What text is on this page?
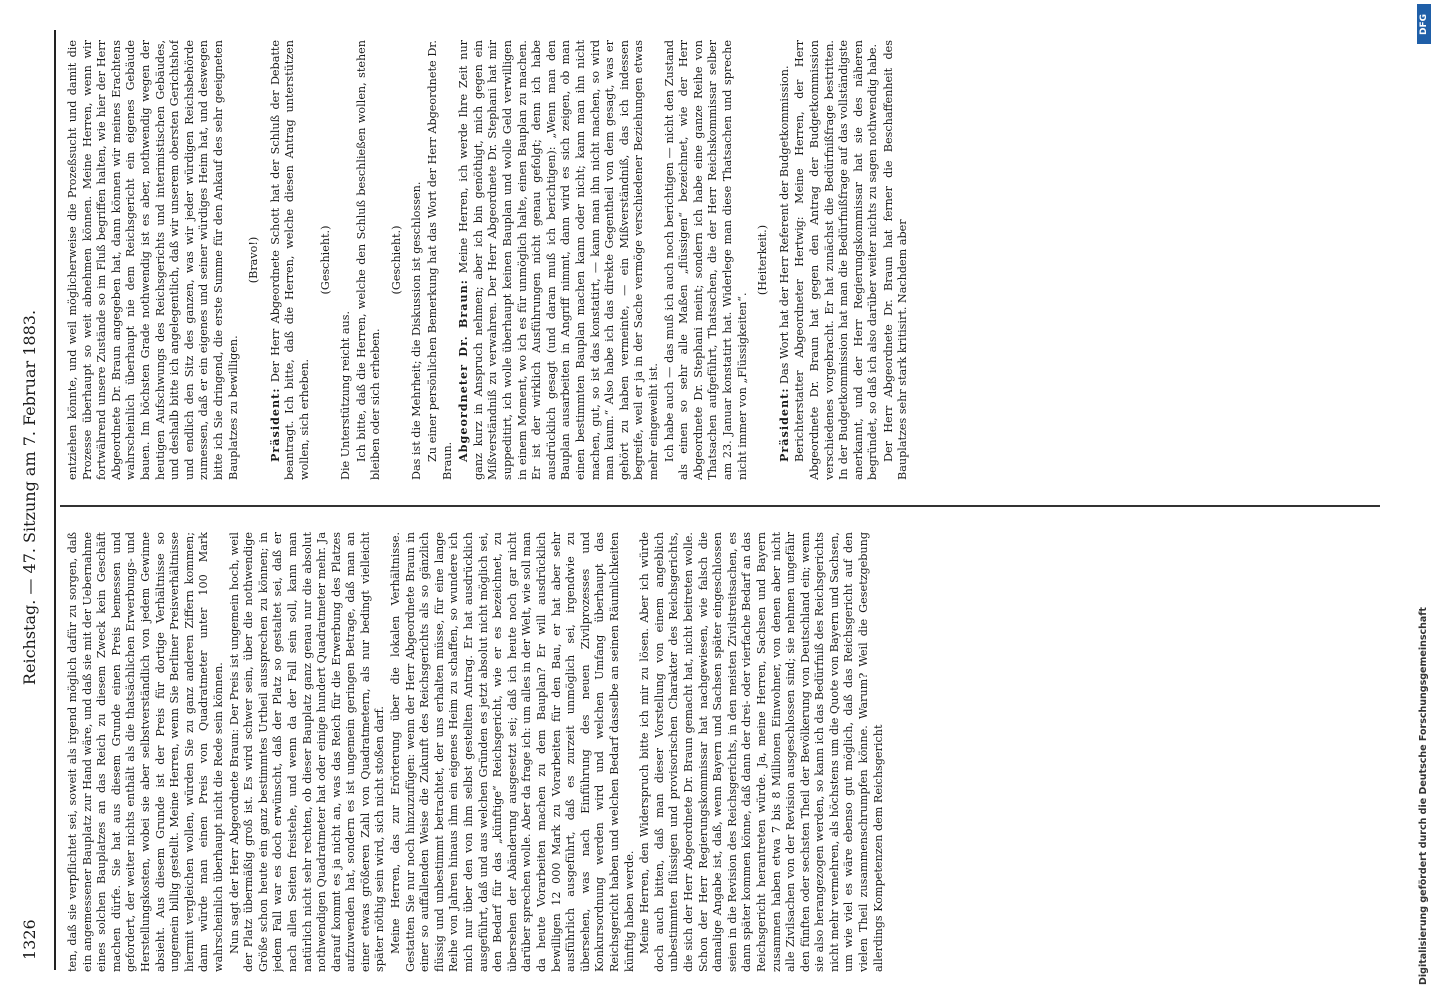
1326
Reichstag. — 47. Sitzung am 7. Februar 1883.

ten, daß sie verpflichtet sei, soweit als irgend möglich dafür zu sorgen, daß ein angemessener Bauplatz zur Hand wäre, und daß sie mit der Uebernahme eines solchen Bauplatzes an das Reich zu diesem Zweck kein Geschäft machen dürfe. Sie hat aus diesem Grunde einen Preis bemessen und gefordert, der weiter nichts enthält als die thatsächlichen Erwerbungs- und Herstellungskosten, wobei sie aber selbstverständlich von jedem Gewinne absieht. Aus diesem Grunde ist der Preis für dortige Verhältnisse so ungemein billig gestellt. Meine Herren, wenn Sie Berliner Preisverhältnisse hiermit vergleichen wollen, würden Sie zu ganz anderen Ziffern kommen; dann würde man einen Preis von Quadratmeter unter 100 Mark wahrscheinlich überhaupt nicht die Rede sein können. Nun sagt der Herr Abgeordnete Braun: Der Preis ist ungemein hoch, weil der Platz übermäßig groß ist. Es wird schwer sein, über die nothwendige Größe schon heute ein ganz bestimmtes Urtheil aussprechen zu können; in jedem Fall war es doch erwünscht, daß der Platz so gestaltet sei, daß er nach allen Seiten freistehe, und wenn da der Fall sein soll, kann man natürlich nicht sehr rechten, ob dieser Bauplatz ganz genau nur die absolut nothwendigen Quadratmeter hat oder einige hundert Quadratmeter mehr. Ja darauf kommt es ja nicht an, was das Reich für die Erwerbung des Platzes aufzuwenden hat, sondern es ist ungemein geringen Betrage, daß man an einer etwas größeren Zahl von Quadratmetern, als nur bedingt vielleicht später nöthig sein wird, sich nicht stoßen darf. Meine Herren, das zur Erörterung über die lokalen Verhältnisse. Gestatten Sie nur noch hinzuzufügen: wenn der Herr Abgeordnete Braun in einer so auffallenden Weise die Zukunft des Reichsgerichts als so gänzlich flüssig und unbestimmt betrachtet, der uns erhalten müsse, für eine lange Reihe von Jahren hinaus ihm ein eigenes Heim zu schaffen, so wundere ich mich nur über den von ihm selbst gestellten Antrag. Er hat ausdrücklich ausgeführt, daß und aus welchen Gründen es jetzt absolut nicht möglich sei, den Bedarf für das „künftige“ Reichsgericht, wie er es bezeichnet, zu übersehen der Abänderung ausgesetzt sei; daß ich heute noch gar nicht darüber sprechen wolle. Aber da frage ich: um alles in der Welt, wie soll man da heute Vorarbeiten machen zu dem Bauplan? Er will ausdrücklich bewilligen 12 000 Mark zu Vorarbeiten für den Bau, er hat aber sehr ausführlich ausgeführt, daß es zurzeit unmöglich sei, irgendwie zu übersehen, was nach Einführung des neuen Zivilprozesses und Konkursordnung werden wird und welchen Umfang überhaupt das Reichsgericht haben und welchen Bedarf dasselbe an seinen Räumlichkeiten künftig haben werde. Meine Herren, den Widerspruch bitte ich mir zu lösen. Aber ich würde doch auch bitten, daß man dieser Vorstellung von einem angeblich unbestimmten flüssigen und provisorischen Charakter des Reichsgerichts, die sich der Herr Abgeordnete Dr. Braun gemacht hat, nicht beitreten wolle. Schon der Herr Regierungskommissar hat nachgewiesen, wie falsch die damalige Angabe ist, daß, wenn Bayern und Sachsen später eingeschlossen seien in die Revision des Reichsgerichts, in den meisten Zivilstreitsachen, es dann später kommen könne, daß dann der drei- oder vierfache Bedarf an das Reichsgericht herantreten würde. Ja, meine Herren, Sachsen und Bayern zusammen haben etwa 7 bis 8 Millionen Einwohner, von denen aber nicht alle Zivilsachen von der Revision ausgeschlossen sind; sie nehmen ungefähr den fünften oder sechsten Theil der Bevölkerung von Deutschland ein; wenn sie also herangezogen werden, so kann ich das Bedürfniß des Reichsgerichts nicht mehr vermehren, als höchstens um die Quote von Bayern und Sachsen, um wie viel es wäre ebenso gut möglich, daß das Reichsgericht auf den vielen Theil zusammenschrumpfen könne. Warum? Weil die Gesetzgebung allerdings Kompetenzen dem Reichsgericht

entziehen könnte, und weil möglicherweise die Prozeßsucht und damit die Prozesse überhaupt so weit abnehmen können. Meine Herren, wenn wir fortwährend unsere Zustände so im Fluß begriffen halten, wie hier der Herr Abgeordnete Dr. Braun angegeben hat, dann können wir meines Erachtens wahrscheinlich überhaupt nie dem Reichsgericht ein eigenes Gebäude bauen. Im höchsten Grade nothwendig ist es aber, nothwendig wegen der heutigen Aufschwungs des Reichsgerichts und interimistischen Gebäudes, und deshalb bitte ich angelegentlich, daß wir unserem obersten Gerichtshof und endlich den Sitz des ganzen, was wir jeder würdigen Reichsbehörde zumessen, daß er ein eigenes und seiner würdiges Heim hat, und deswegen bitte ich Sie dringend, die erste Summe für den Ankauf des sehr geeigneten Bauplatzes zu bewilligen.

(Bravo!)

Präsident: Der Herr Abgeordnete Schott hat der Schluß der Debatte beantragt. Ich bitte, daß die Herren, welche diesen Antrag unterstützen wollen, sich erheben.

(Geschieht.)

Die Unterstützung reicht aus. Ich bitte, daß die Herren, welche den Schluß beschließen wollen, stehen bleiben oder sich erheben.

(Geschieht.) Das ist die Mehrheit; die Diskussion ist geschlossen. Zu einer persönlichen Bemerkung hat das Wort der Herr Abgeordnete Dr. Braun. Abgeordneter Dr. Braun: Meine Herren, ich werde Ihre Zeit nur ganz kurz in Anspruch nehmen; aber ich bin genöthigt, mich gegen ein Mißverständniß zu verwahren. Der Herr Abgeordnete Dr. Stephani hat mir suppeditirt, ich wolle überhaupt keinen Bauplan und wolle Geld verwilligen in einem Moment, wo ich es für unmöglich halte, einen Bauplan zu machen. Er ist der wirklich Ausführungen nicht genau gefolgt; denn ich habe ausdrücklich gesagt (und daran muß ich berichtigen): „Wenn man den Bauplan ausarbeiten in Angriff nimmt, dann wird es sich zeigen, ob man einen bestimmten Bauplan machen kann oder nicht; kann man ihn nicht machen, gut, so ist das konstatirt, — kann man ihn nicht machen, so wird man kaum.“ Also habe ich das direkte Gegentheil von dem gesagt, was er gehört zu haben vermeinte, — ein Mißverständniß, das ich indessen begreife, weil er ja in der Sache vermöge verschiedener Beziehungen etwas mehr eingeweiht ist. Ich habe auch — das muß ich auch noch berichtigen — nicht den Zustand als einen so sehr alle Maßen „flüssigen“ bezeichnet, wie der Herr Abgeordnete Dr. Stephani meint; sondern ich habe eine ganze Reihe von Thatsachen aufgeführt, Thatsachen, die der Herr Reichskommissar selber am 23. Januar konstatirt hat. Widerlege man diese Thatsachen und spreche nicht immer von „Flüssigkeiten“.

(Heiterkeit.)

Präsident: Das Wort hat der Herr Referent der Budgetkommission. Berichterstatter Abgeordneter Hertwig: Meine Herren, der Herr Abgeordnete Dr. Braun hat gegen den Antrag der Budgetkommission verschiedenes vorgebracht. Er hat zunächst die Bedürfnißfrage bestritten. In der Budgetkommission hat man die Bedürfnißfrage auf das vollständigste anerkannt, und der Herr Regierungskommissar hat sie des näheren begründet, so daß ich also darüber weiter nichts zu sagen nothwendig habe. Der Herr Abgeordnete Dr. Braun hat ferner die Beschaffenheit des Bauplatzes sehr stark kritisirt. Nachdem aber

DFG
Digitalisierung gefördert durch die Deutsche Forschungsgemeinschaft
